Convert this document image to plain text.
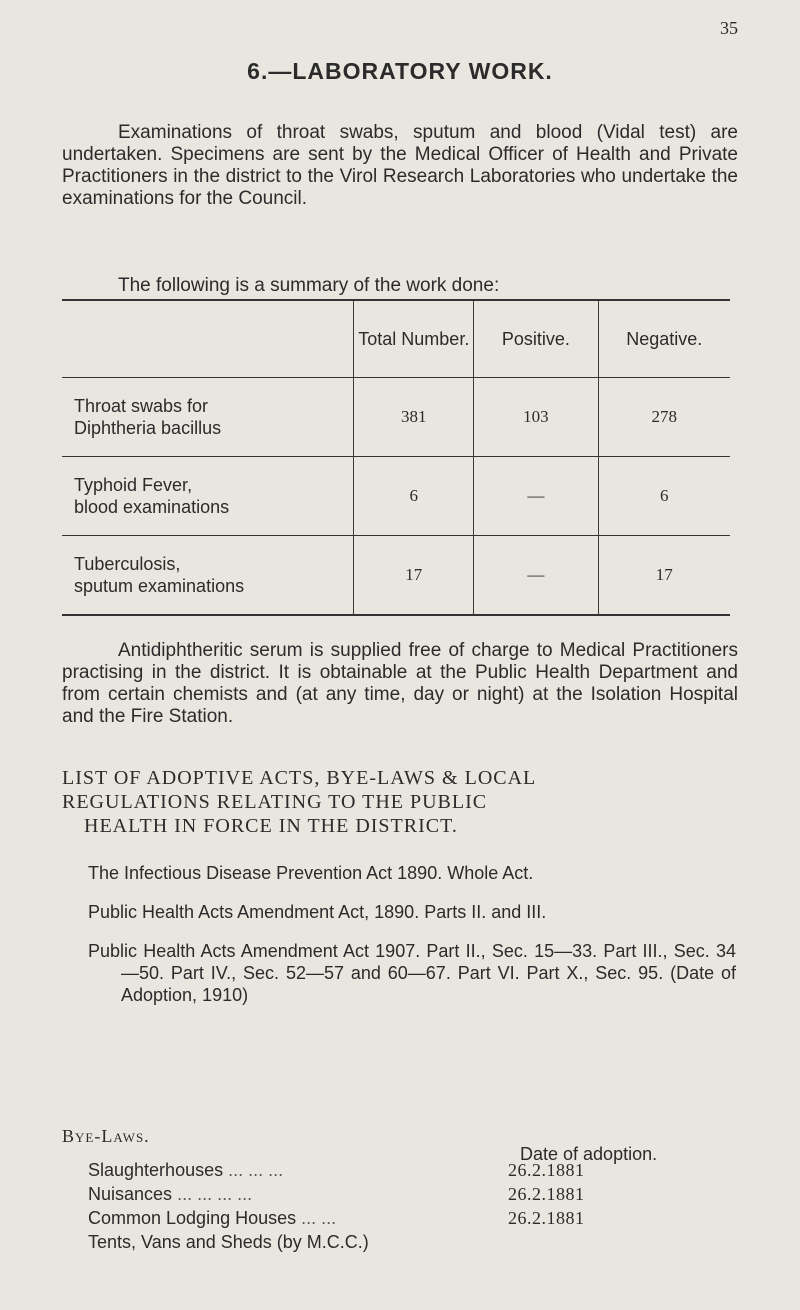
35
6.—LABORATORY WORK.

Examinations of throat swabs, sputum and blood (Vidal test) are undertaken. Specimens are sent by the Medical Officer of Health and Private Practitioners in the district to the Virol Research Laboratories who undertake the examinations for the Council.

The following is a summary of the work done:
	Total Number.	Positive.	Negative.

Throat swabs for
Diphtheria bacillus	381	103	278

Typhoid Fever,
blood examinations	6	—	6

Tuberculosis,
sputum examinations	17	—	17

Antidiphtheritic serum is supplied free of charge to Medical Practitioners practising in the district. It is obtainable at the Public Health Department and from certain chemists and (at any time, day or night) at the Isolation Hospital and the Fire Station.

LIST OF ADOPTIVE ACTS, BYE-LAWS & LOCAL
REGULATIONS RELATING TO THE PUBLIC
HEALTH IN FORCE IN THE DISTRICT.

The Infectious Disease Prevention Act 1890. Whole Act.

Public Health Acts Amendment Act, 1890. Parts II. and III.

Public Health Acts Amendment Act 1907. Part II., Sec. 15—33. Part III., Sec. 34—50. Part IV., Sec. 52—57 and 60—67. Part VI. Part X., Sec. 95. (Date of Adoption, 1910)

Bye-Laws.
Date of adoption.
Slaughterhouses ... ... ...	26.2.1881
Nuisances ... ... ... ...	26.2.1881
Common Lodging Houses ... ...	26.2.1881
Tents, Vans and Sheds (by M.C.C.)
